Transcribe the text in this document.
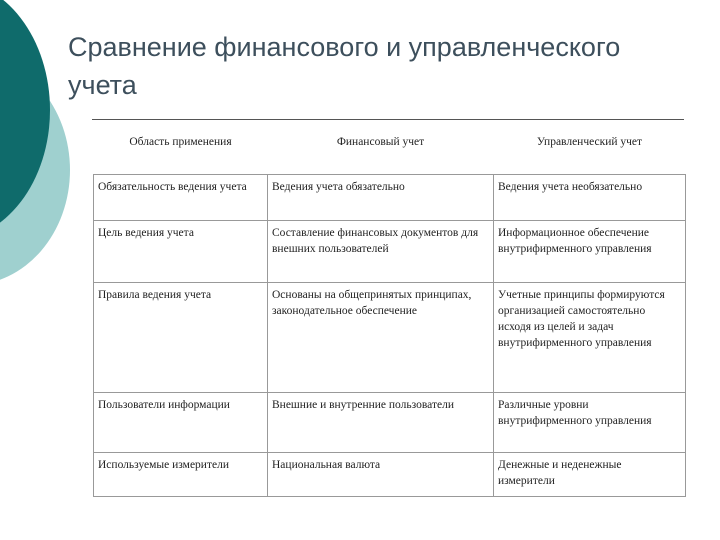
Сравнение финансового и управленческого учета
Область применения	Финансовый учет	Управленческий учет

Обязательность ведения учета	Ведения учета обязательно	Ведения учета необязательно
Цель ведения учета	Составление финансовых документов для внешних пользователей	Информационное обеспечение внутрифирменного управления
Правила ведения учета	Основаны на общепринятых принципах, законодательное обеспечение	Учетные принципы формируются организацией самостоятельно исходя из целей и задач внутрифирменного управления
Пользователи информации	Внешние и внутренние пользователи	Различные уровни внутрифирменного управления
Используемые измерители	Национальная валюта	Денежные и неденежные измерители
